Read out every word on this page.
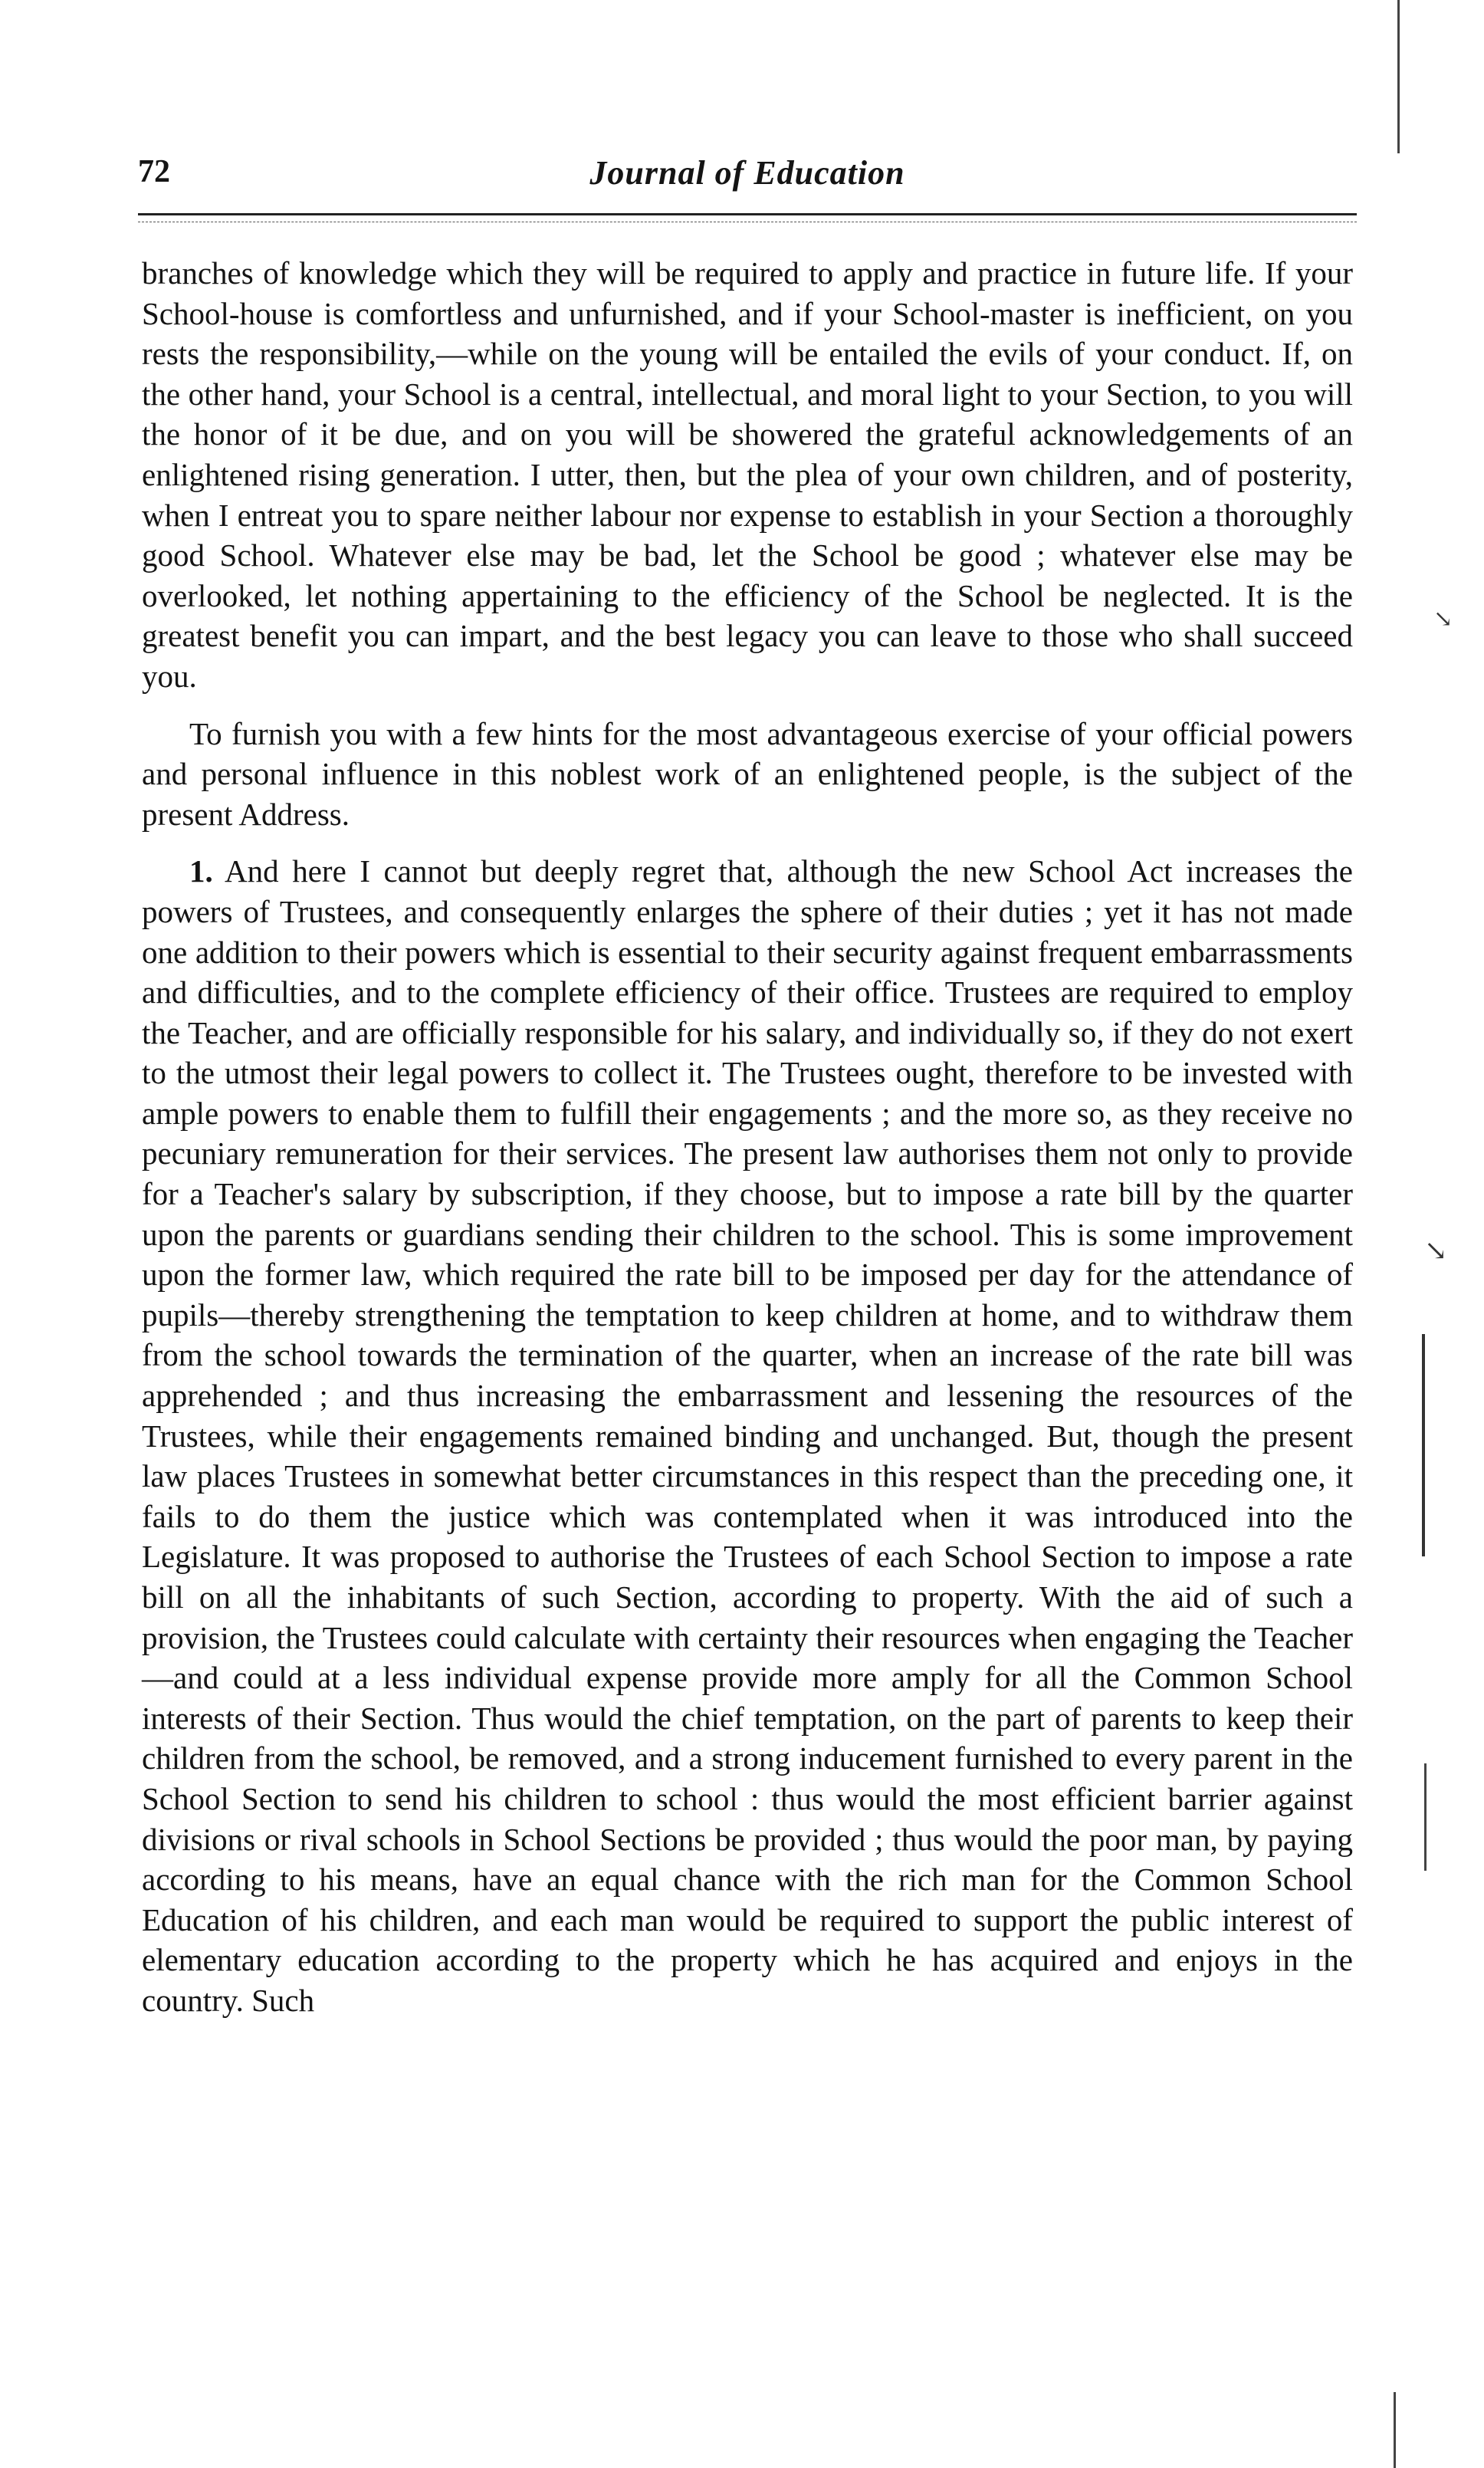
72	Journal of Education

branches of knowledge which they will be required to apply and practice in future life. If your School-house is comfortless and unfurnished, and if your School-master is inefficient, on you rests the responsibility,—while on the young will be entailed the evils of your conduct. If, on the other hand, your School is a central, intellectual, and moral light to your Section, to you will the honor of it be due, and on you will be showered the grateful acknowledgements of an enlightened rising generation. I utter, then, but the plea of your own children, and of posterity, when I entreat you to spare neither labour nor expense to establish in your Section a thoroughly good School. Whatever else may be bad, let the School be good ; whatever else may be overlooked, let nothing appertaining to the efficiency of the School be neglected. It is the greatest benefit you can impart, and the best legacy you can leave to those who shall succeed you.

To furnish you with a few hints for the most advantageous exercise of your official powers and personal influence in this noblest work of an enlightened people, is the subject of the present Address.

1. And here I cannot but deeply regret that, although the new School Act increases the powers of Trustees, and consequently enlarges the sphere of their duties ; yet it has not made one addition to their powers which is essential to their security against frequent embarrassments and difficulties, and to the complete efficiency of their office. Trustees are required to employ the Teacher, and are officially responsible for his salary, and individually so, if they do not exert to the utmost their legal powers to collect it. The Trustees ought, therefore to be invested with ample powers to enable them to fulfill their engagements ; and the more so, as they receive no pecuniary remuneration for their services. The present law authorises them not only to provide for a Teacher's salary by subscription, if they choose, but to impose a rate bill by the quarter upon the parents or guardians sending their children to the school. This is some improvement upon the former law, which required the rate bill to be imposed per day for the attendance of pupils—thereby strengthening the temptation to keep children at home, and to withdraw them from the school towards the termination of the quarter, when an increase of the rate bill was apprehended ; and thus increasing the embarrassment and lessening the resources of the Trustees, while their engagements remained binding and unchanged. But, though the present law places Trustees in somewhat better circumstances in this respect than the preceding one, it fails to do them the justice which was contemplated when it was introduced into the Legislature. It was proposed to authorise the Trustees of each School Section to impose a rate bill on all the inhabitants of such Section, according to property. With the aid of such a provision, the Trustees could calculate with certainty their resources when engaging the Teacher—and could at a less individual expense provide more amply for all the Common School interests of their Section. Thus would the chief temptation, on the part of parents to keep their children from the school, be removed, and a strong inducement furnished to every parent in the School Section to send his children to school : thus would the most efficient barrier against divisions or rival schools in School Sections be provided ; thus would the poor man, by paying according to his means, have an equal chance with the rich man for the Common School Education of his children, and each man would be required to support the public interest of elementary education according to the property which he has acquired and enjoys in the country. Such

↘
↘
